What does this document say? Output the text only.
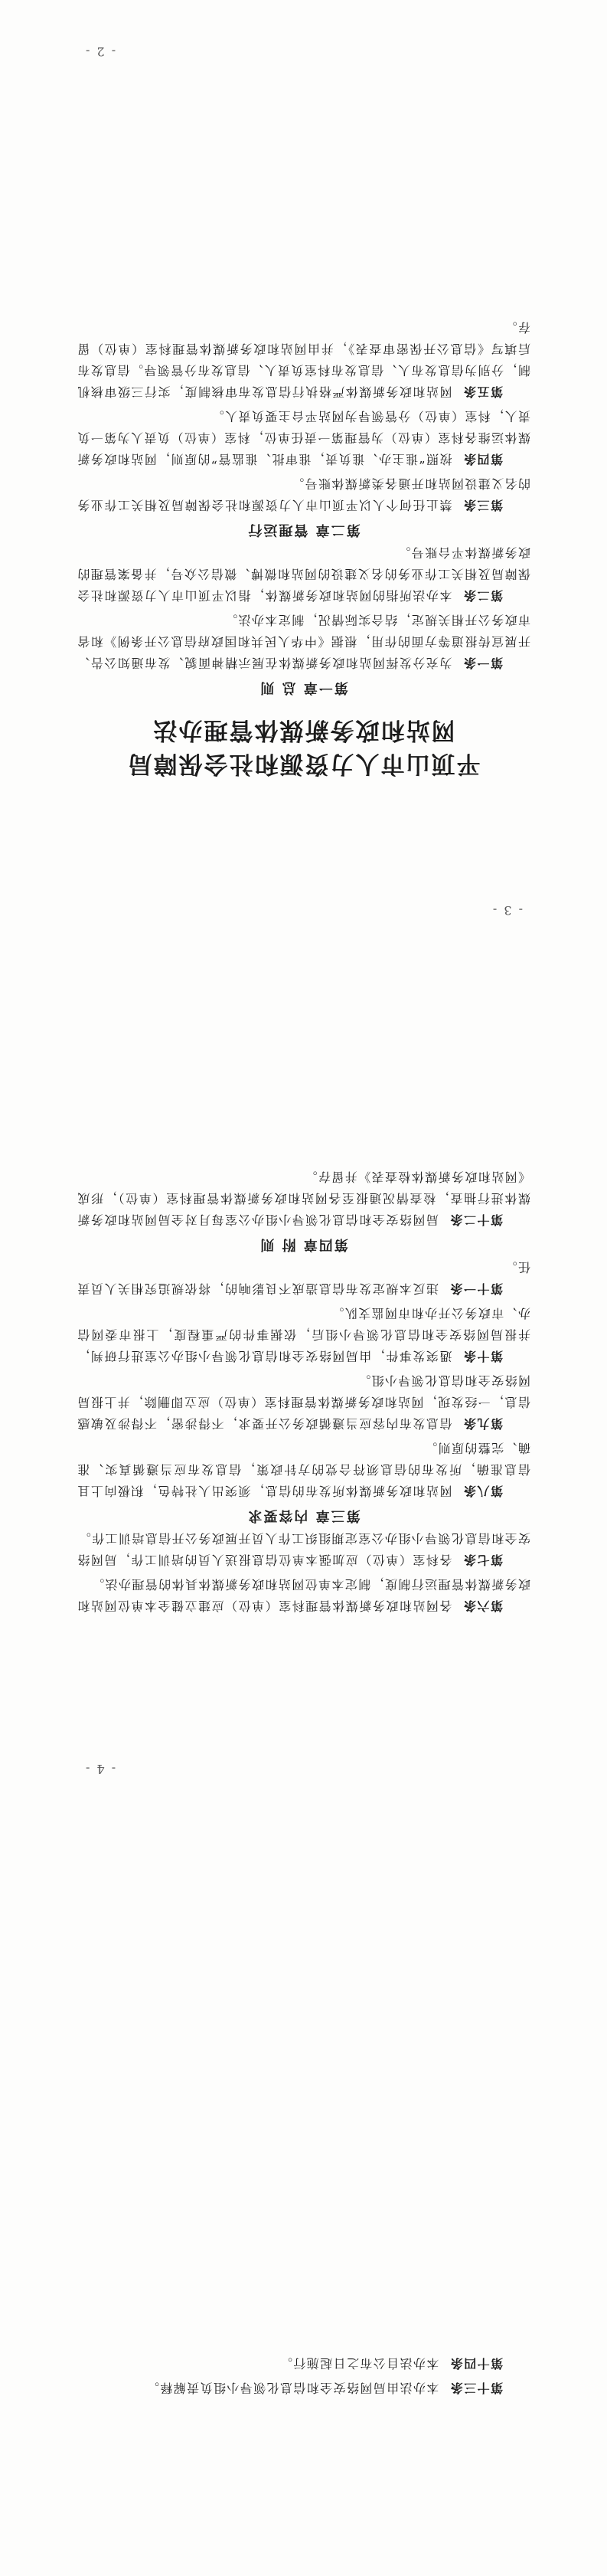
第十三条本办法由局网络安全和信息化领导小组负责解释。

第十四条本办法自公布之日起施行。

- 4 -

第六条各网站和政务新媒体管理科室（单位）应建立健全本单位网站和政务新媒体管理运行制度，制定本单位网站和政务新媒体具体的管理办法。

第七条各科室（单位）应加强本单位信息报送人员的培训工作，局网络安全和信息化领导小组办公室定期组织工作人员开展政务公开信息培训工作。

第三章 内容要求

第八条网站和政务新媒体所发布的信息，须突出人社特色，积极向上且信息准确，所发布的信息须符合党的方针政策，信息发布应当遵循真实、准确、完整的原则。

第九条信息发布内容应当遵循政务公开要求，不得涉密，不得涉及敏感信息，一经发现，网站和政务新媒体管理科室（单位）应立即删除，并上报局网络安全和信息化领导小组。

第十条遇突发事件，由局网络安全和信息化领导小组办公室进行研判，并报局网络安全和信息化领导小组后，依据事件的严重程度，上报市委网信办、市政务公开办和市网监支队。

第十一条违反本规定发布信息造成不良影响的，将依规追究相关人员责任。

第四章 附 则

第十二条局网络安全和信息化领导小组办公室每月对全局网站和政务新媒体进行抽查，检查情况通报至各网站和政务新媒体管理科室（单位），形成《网站和政务新媒体检查表》并留存。

- 3 -
平顶山市人力资源和社会保障局
网站和政务新媒体管理办法
第一章 总 则

第一条为充分发挥网站和政务新媒体在展示精神面貌、发布通知公告、开展宣传报道等方面的作用，根据《中华人民共和国政府信息公开条例》和省市政务公开相关规定，结合实际情况，制定本办法。

第二条本办法所指的网站和政务新媒体，指以平顶山市人力资源和社会保障局及相关工作业务的名义建设的网站和微博、微信公众号，并备案管理的政务新媒体平台账号。

第二章 管理运行

第三条禁止任何个人以平顶山市人力资源和社会保障局及相关工作业务的名义建设网站和开通各类新媒体账号。

第四条按照“谁主办、谁负责，谁审批、谁监管”的原则，网站和政务新媒体运维各科室（单位）为管理第一责任单位，科室（单位）负责人为第一负责人，科室（单位）分管领导为网站平台主要负责人。

第五条网站和政务新媒体严格执行信息发布审核制度，实行三级审核机制，分别为信息发布人、信息发布科室负责人、信息发布分管领导。信息发布后填写《信息公开保密审查表》，并由网站和政务新媒体管理科室（单位）留存。

- 2 -
